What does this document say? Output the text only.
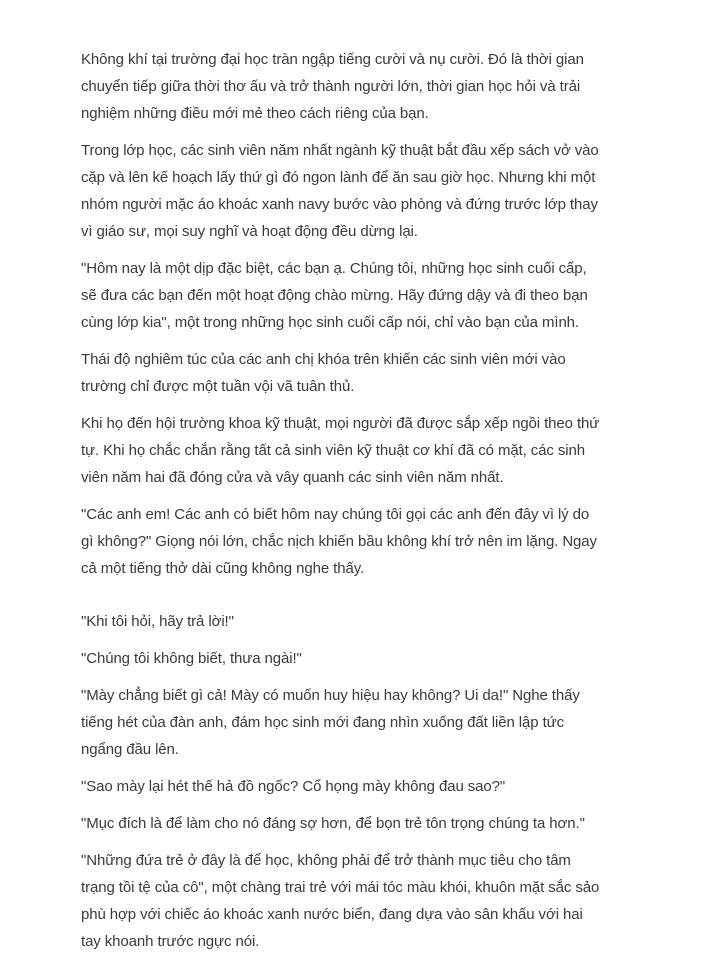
Không khí tại trường đại học tràn ngập tiếng cười và nụ cười. Đó là thời gian chuyển tiếp giữa thời thơ ấu và trở thành người lớn, thời gian học hỏi và trải nghiệm những điều mới mẻ theo cách riêng của bạn.

Trong lớp học, các sinh viên năm nhất ngành kỹ thuật bắt đầu xếp sách vở vào cặp và lên kế hoạch lấy thứ gì đó ngon lành để ăn sau giờ học. Nhưng khi một nhóm người mặc áo khoác xanh navy bước vào phòng và đứng trước lớp thay vì giáo sư, mọi suy nghĩ và hoạt động đều dừng lại.

"Hôm nay là một dịp đặc biệt, các bạn ạ. Chúng tôi, những học sinh cuối cấp, sẽ đưa các bạn đến một hoạt động chào mừng. Hãy đứng dậy và đi theo bạn cùng lớp kia", một trong những học sinh cuối cấp nói, chỉ vào bạn của mình.

Thái độ nghiêm túc của các anh chị khóa trên khiến các sinh viên mới vào trường chỉ được một tuần vội vã tuân thủ.

Khi họ đến hội trường khoa kỹ thuật, mọi người đã được sắp xếp ngồi theo thứ tự. Khi họ chắc chắn rằng tất cả sinh viên kỹ thuật cơ khí đã có mặt, các sinh viên năm hai đã đóng cửa và vây quanh các sinh viên năm nhất.

"Các anh em! Các anh có biết hôm nay chúng tôi gọi các anh đến đây vì lý do gì không?" Giọng nói lớn, chắc nịch khiến bầu không khí trở nên im lặng. Ngay cả một tiếng thở dài cũng không nghe thấy.

"Khi tôi hỏi, hãy trả lời!"

"Chúng tôi không biết, thưa ngài!"

"Mày chẳng biết gì cả! Mày có muốn huy hiệu hay không? Ui da!" Nghe thấy tiếng hét của đàn anh, đám học sinh mới đang nhìn xuống đất liền lập tức ngẩng đầu lên.

"Sao mày lại hét thế hả đồ ngốc? Cổ họng mày không đau sao?"

"Mục đích là để làm cho nó đáng sợ hơn, để bọn trẻ tôn trọng chúng ta hơn."

"Những đứa trẻ ở đây là để học, không phải để trở thành mục tiêu cho tâm trạng tồi tệ của cô", một chàng trai trẻ với mái tóc màu khói, khuôn mặt sắc sảo phù hợp với chiếc áo khoác xanh nước biển, đang dựa vào sân khấu với hai tay khoanh trước ngực nói.
